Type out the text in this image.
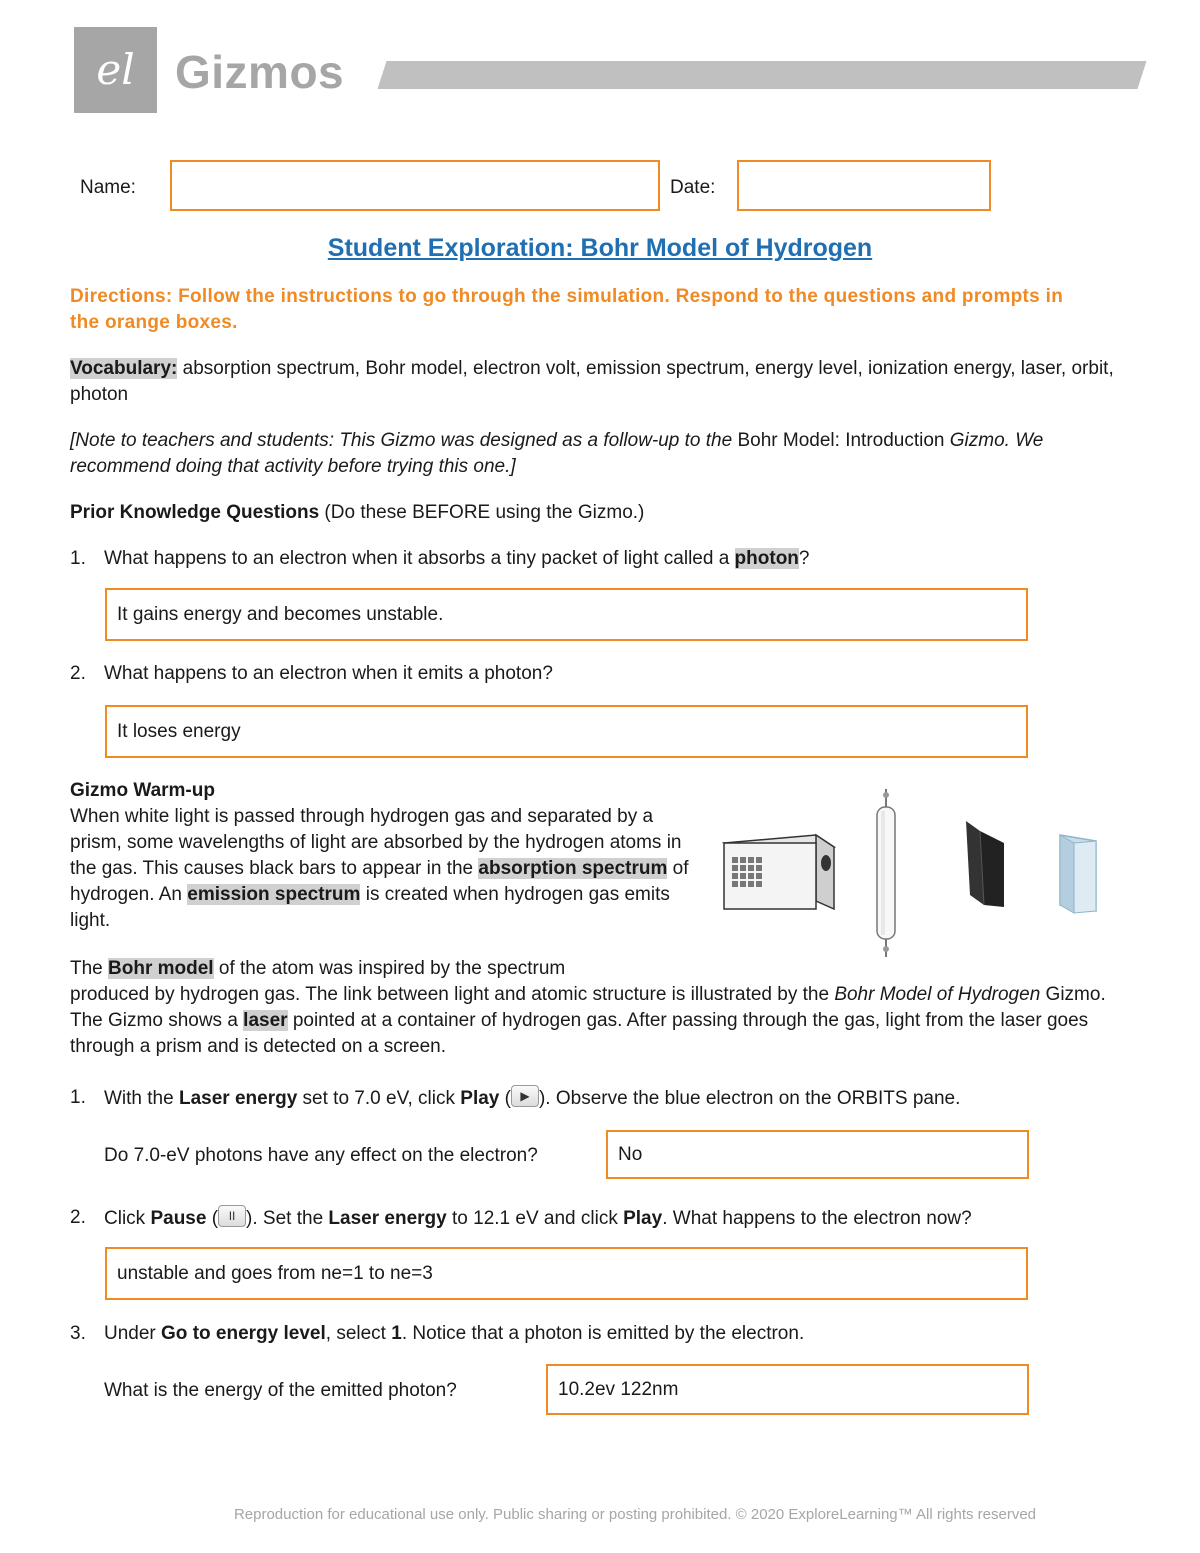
el Gizmos
Name:	Date:
Student Exploration: Bohr Model of Hydrogen
Directions: Follow the instructions to go through the simulation. Respond to the questions and prompts in the orange boxes.
Vocabulary: absorption spectrum, Bohr model, electron volt, emission spectrum, energy level, ionization energy, laser, orbit, photon
[Note to teachers and students: This Gizmo was designed as a follow-up to the Bohr Model: Introduction Gizmo. We recommend doing that activity before trying this one.]
Prior Knowledge Questions (Do these BEFORE using the Gizmo.)
1. What happens to an electron when it absorbs a tiny packet of light called a photon?
It gains energy and becomes unstable.
2. What happens to an electron when it emits a photon?
It loses energy
Gizmo Warm-up
When white light is passed through hydrogen gas and separated by a prism, some wavelengths of light are absorbed by the hydrogen atoms in the gas. This causes black bars to appear in the absorption spectrum of hydrogen. An emission spectrum is created when hydrogen gas emits light.
The Bohr model of the atom was inspired by the spectrum
produced by hydrogen gas. The link between light and atomic structure is illustrated by the Bohr Model of Hydrogen Gizmo. The Gizmo shows a laser pointed at a container of hydrogen gas. After passing through the gas, light from the laser goes through a prism and is detected on a screen.
1. With the Laser energy set to 7.0 eV, click Play ( ▶ ). Observe the blue electron on the ORBITS pane.
Do 7.0-eV photons have any effect on the electron?	No
2. Click Pause ( II ). Set the Laser energy to 12.1 eV and click Play. What happens to the electron now?
unstable and goes from ne=1 to ne=3
3. Under Go to energy level, select 1. Notice that a photon is emitted by the electron.
What is the energy of the emitted photon?	10.2ev 122nm
Reproduction for educational use only. Public sharing or posting prohibited. © 2020 ExploreLearning™ All rights reserved
